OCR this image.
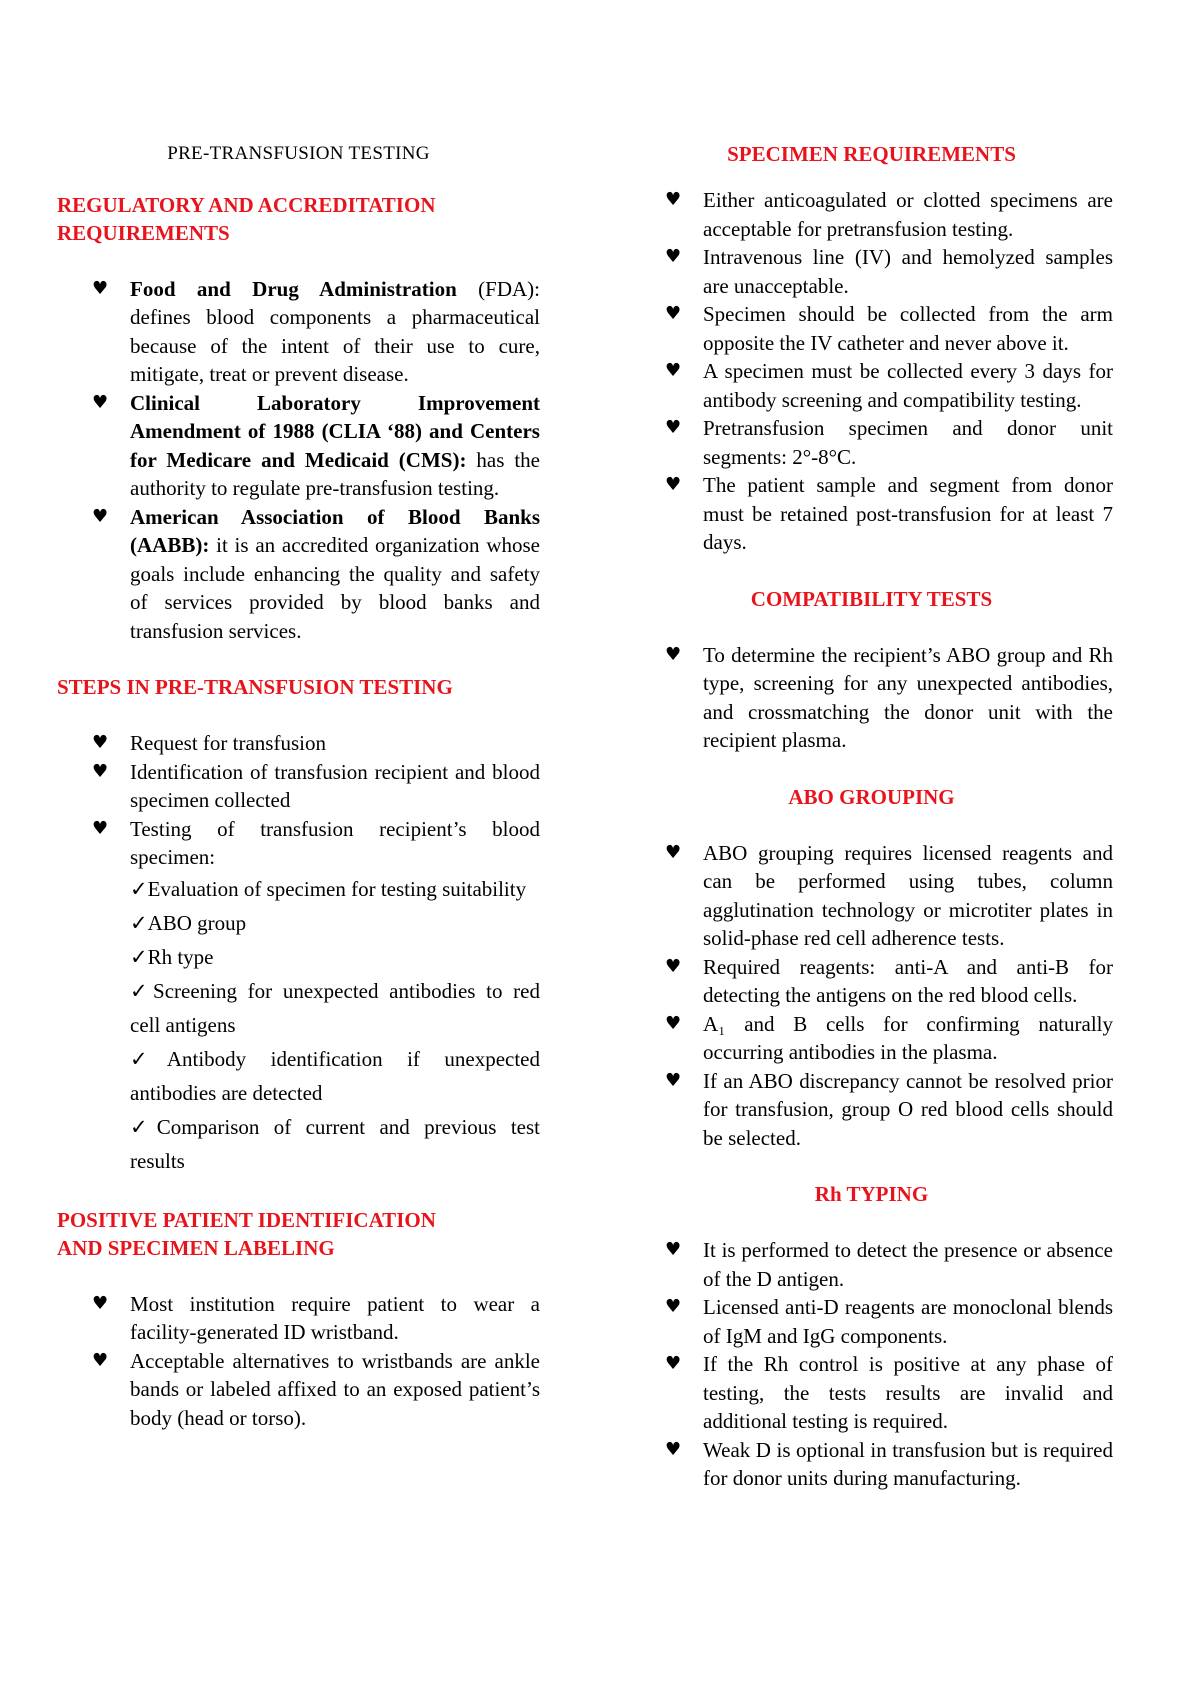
PRE-TRANSFUSION TESTING
REGULATORY AND ACCREDITATION
REQUIREMENTS
♥ Food and Drug Administration (FDA): defines blood components a pharmaceutical because of the intent of their use to cure, mitigate, treat or prevent disease.
♥ Clinical Laboratory Improvement Amendment of 1988 (CLIA ‘88) and Centers for Medicare and Medicaid (CMS): has the authority to regulate pre-transfusion testing.
♥ American Association of Blood Banks (AABB): it is an accredited organization whose goals include enhancing the quality and safety of services provided by blood banks and transfusion services.
STEPS IN PRE-TRANSFUSION TESTING
♥ Request for transfusion
♥ Identification of transfusion recipient and blood specimen collected
♥ Testing of transfusion recipient’s blood specimen:
✓Evaluation of specimen for testing suitability
✓ABO group
✓Rh type
✓Screening for unexpected antibodies to red cell antigens
✓Antibody identification if unexpected antibodies are detected
✓Comparison of current and previous test results
POSITIVE PATIENT IDENTIFICATION
AND SPECIMEN LABELING
♥ Most institution require patient to wear a facility-generated ID wristband.
♥ Acceptable alternatives to wristbands are ankle bands or labeled affixed to an exposed patient’s body (head or torso).
SPECIMEN REQUIREMENTS
♥ Either anticoagulated or clotted specimens are acceptable for pretransfusion testing.
♥ Intravenous line (IV) and hemolyzed samples are unacceptable.
♥ Specimen should be collected from the arm opposite the IV catheter and never above it.
♥ A specimen must be collected every 3 days for antibody screening and compatibility testing.
♥ Pretransfusion specimen and donor unit segments: 2°-8°C.
♥ The patient sample and segment from donor must be retained post-transfusion for at least 7 days.
COMPATIBILITY TESTS
♥ To determine the recipient’s ABO group and Rh type, screening for any unexpected antibodies, and crossmatching the donor unit with the recipient plasma.
ABO GROUPING
♥ ABO grouping requires licensed reagents and can be performed using tubes, column agglutination technology or microtiter plates in solid-phase red cell adherence tests.
♥ Required reagents: anti-A and anti-B for detecting the antigens on the red blood cells.
♥ A₁ and B cells for confirming naturally occurring antibodies in the plasma.
♥ If an ABO discrepancy cannot be resolved prior for transfusion, group O red blood cells should be selected.
Rh TYPING
♥ It is performed to detect the presence or absence of the D antigen.
♥ Licensed anti-D reagents are monoclonal blends of IgM and IgG components.
♥ If the Rh control is positive at any phase of testing, the tests results are invalid and additional testing is required.
♥ Weak D is optional in transfusion but is required for donor units during manufacturing.
